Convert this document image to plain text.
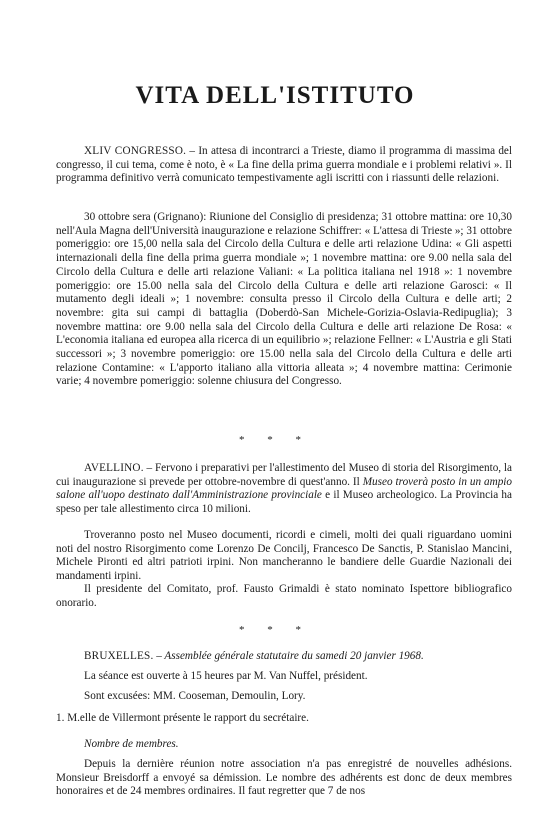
VITA DELL'ISTITUTO

XLIV CONGRESSO. – In attesa di incontrarci a Trieste, diamo il programma di massima del congresso, il cui tema, come è noto, è « La fine della prima guerra mondiale e i problemi relativi ». Il programma definitivo verrà comunicato tempestivamente agli iscritti con i riassunti delle relazioni.

30 ottobre sera (Grignano): Riunione del Consiglio di presidenza; 31 ottobre mattina: ore 10,30 nell'Aula Magna dell'Università inaugurazione e relazione Schiffrer: « L'attesa di Trieste »; 31 ottobre pomeriggio: ore 15,00 nella sala del Circolo della Cultura e delle arti relazione Udina: « Gli aspetti internazionali della fine della prima guerra mondiale »; 1 novembre mattina: ore 9.00 nella sala del Circolo della Cultura e delle arti relazione Valiani: « La politica italiana nel 1918 »: 1 novembre pomeriggio: ore 15.00 nella sala del Circolo della Cultura e delle arti relazione Garosci: « Il mutamento degli ideali »; 1 novembre: consulta presso il Circolo della Cultura e delle arti; 2 novembre: gita sui campi di battaglia (Doberdò-San Michele-Gorizia-Oslavia-Redipuglia); 3 novembre mattina: ore 9.00 nella sala del Circolo della Cultura e delle arti relazione De Rosa: « L'economia italiana ed europea alla ricerca di un equilibrio »; relazione Fellner: « L'Austria e gli Stati successori »; 3 novembre pomeriggio: ore 15.00 nella sala del Circolo della Cultura e delle arti relazione Contamine: « L'apporto italiano alla vittoria alleata »; 4 novembre mattina: Cerimonie varie; 4 novembre pomeriggio: solenne chiusura del Congresso.

* * *

AVELLINO. – Fervono i preparativi per l'allestimento del Museo di storia del Risorgimento, la cui inaugurazione si prevede per ottobre-novembre di quest'anno. Il Museo troverà posto in un ampio salone all'uopo destinato dall'Amministrazione provinciale e il Museo archeologico. La Provincia ha speso per tale allestimento circa 10 milioni.

Troveranno posto nel Museo documenti, ricordi e cimeli, molti dei quali riguardano uomini noti del nostro Risorgimento come Lorenzo De Concilj, Francesco De Sanctis, P. Stanislao Mancini, Michele Pironti ed altri patrioti irpini. Non mancheranno le bandiere delle Guardie Nazionali dei mandamenti irpini.

Il presidente del Comitato, prof. Fausto Grimaldi è stato nominato Ispettore bibliografico onorario.

* * *

BRUXELLES. – Assemblée générale statutaire du samedi 20 janvier 1968.

La séance est ouverte à 15 heures par M. Van Nuffel, président.

Sont excusées: MM. Cooseman, Demoulin, Lory.

1. M.elle de Villermont présente le rapport du secrétaire.

Nombre de membres.

Depuis la dernière réunion notre association n'a pas enregistré de nouvelles adhésions. Monsieur Breisdorff a envoyé sa démission. Le nombre des adhérents est donc de deux membres honoraires et de 24 membres ordinaires. Il faut regretter que 7 de nos
